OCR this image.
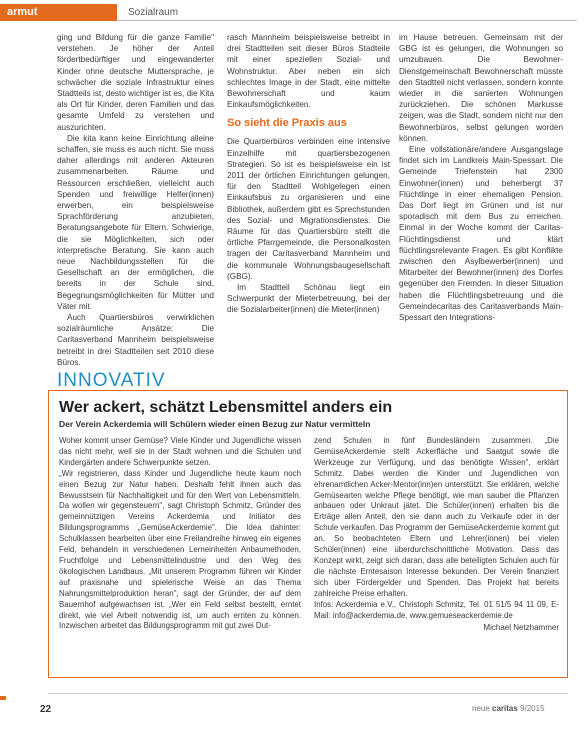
armut	Sozialraum

ging und Bildung für die ganze Familie" verstehen. Je höher der Anteil fördertbedürftiger und eingewanderter Kinder ohne deutsche Muttersprache, je schwächer die soziale Infrastruktur eines Stadtteils ist, desto wichtiger ist es, die Kita als Ort für Kinder, deren Familien und das gesamte Umfeld zu verstehen und auszurichten.

Die kita kann keine Einrichtung alleine schaffen, sie muss es auch nicht. Sie muss daher allerdings mit anderen Akteuren zusammenarbeiten. Räume und Ressourcen erschließen, vielleicht auch Spenden und freiwillige Helfer(innen) erwerben, ein beispielsweise Sprachförderung anzubieten, Beratungsangebote für Eltern. Schwierige, die sie Möglichkeiten, sich oder interpretische Beratung. Sie kann auch neue Nachbildungsstellen für die Gesellschaft an der ermöglichen, die bereits in der Schule sind, Begegnungsmöglichkeiten für Mütter und Väter mit.

Auch Quartiersbüros verwirklichen sozialräumliche Ansätze: Die Caritasverband Mannheim beispielsweise betreibt in drei Stadtteilen seit 2010 diese Büros.

rasch Mannheim beispielsweise betreibt in drei Stadtteilen seit dieser Büros Stadteile mit einer speziellen Sozial- und Wohnstruktur. Aber neben ein sich schlechtes Image in der Stadt, eine mittelte Bewohnerschaft und kaum Einkaufsmöglichkeiten.

So sieht die Praxis aus

Die Quartierbüros verbinden eine intensive Einzelhilfe mit quartiersbezogenen Strategien. So ist es beispielsweise ein ist 2011 der örtlichen Einrichtungen gelungen, für den Stadtteil Wohlgelegen einen Einkaufsbus zu organisieren und eine Bibliothek, außerdem gibt es Sprechstunden des Sozial- und Migrationsdienstes. Die Räume für das Quartiersbüro stellt die örtliche Pfarrgemeinde, die Personalkosten tragen der Caritasverband Mannheim und die kommunale Wohnungsbaugesellschaft (GBG).

Im Stadtteil Schönau liegt ein Schwerpunkt der Mieterbetreuung, bei der die Sozialarbeiter(innen) die Mieter(innen)

im Hause betreuen. Gemeinsam mit der GBG ist es gelungen, die Wohnungen so umzubauen. Die Bewohner-Dienstgemeinschaft Bewohnerschaft müsste den Stadtteil nicht verlassen, sondern konnte wieder in die sanierten Wohnungen zurückziehen. Die schönen Markusse zeigen, was die Stadt, sondern nicht nur den Bewohnerbüros, selbst gelungen worden können.

Eine vollstationäre/andere Ausgangslage findet sich im Landkreis Main-Spessart. Die Gemeinde Triefenstein hat 2300 Einwohner(innen) und beherbergt 37 Flüchtlinge in einer ehemaligen Pension. Das Dorf liegt im Grünen und ist nur sporadisch mit dem Bus zu erreichen. Einmal in der Woche kommt der Caritas-Flüchtlingsdienst und klärt flüchtlingsrelevante Fragen. Es gibt Konflikte zwischen den Asylbewerber(innen) und Mitarbeiter der Bewohner(innen) des Dorfes gegenüber den Fremden. In dieser Situation haben die Flüchtlingsbetreuung und die Gemeindecaritas des Caritasverbands Main-Spessart den Integrations-

INNOVATIV
Wer ackert, schätzt Lebensmittel anders ein
Der Verein Ackerdemia will Schülern wieder einen Bezug zur Natur vermitteln

Woher kommt unser Gemüse? Viele Kinder und Jugendliche wissen das nicht mehr, weil sie in der Stadt wohnen und die Schulen und Kindergärten andere Schwerpunkte setzen.

„Wir registrieren, dass Kinder und Jugendliche heute kaum noch einen Bezug zur Natur haben. Deshalb fehlt ihnen auch das Bewusstsein für Nachhaltigkeit und für den Wert von Lebensmitteln. Da wollen wir gegensteuern", sagt Christoph Schmitz, Gründer des gemeinnützigen Vereins Ackerdemia und Initiator des Bildungsprogramms „GemüseAckerdemie". Die Idea dahinter: Schulklassen bearbeiten über eine Freilandreihe hinweg ein eigenes Feld, behandeln in verschiedenen Lerneinheiten Anbaumethoden, Fruchtfolge und Lebensmittelindustrie und den Weg des ökologischen Landbaus. „Mit unserem Programm führen wir Kinder auf praxisnahe und spielerische Weise an das Thema Nahrungsmittelproduktion heran", sagt der Gründer, der auf dem Bauernhof aufgewachsen ist. „Wer ein Feld selbst bestellt, erntet direkt, wie viel Arbeit notwendig ist, um auch ernten zu können. Inzwischen arbeitet das Bildungsprogramm mit gut zwei Dut-

zend Schulen in fünf Bundesländern zusammen. „Die GemüseAckerdemie stellt Ackerfläche und Saatgut sowie die Werkzeuge zur Verfügung, und das benötigte Wissen", erklärt Schmitz. Dabei werden die Kinder und Jugendlichen von ehrenamtlichen Acker-Mentor(inn)en unterstützt. Sie erklären, welche Gemüsearten welche Pflege benötigt, wie man sauber die Pflanzen anbauen oder Unkraut jätet. Die Schüler(innen) erhalten bis die Erträge allen Anteil, den sie dann auch zu Verkaufe oder in der Schule verkaufen. Das Programm der GemüseAckerdemie kommt gut an. So beobachteten Eltern und Lehrer(innen) bei vielen Schüler(innen) eine überdurchschnittliche Motivation. Dass das Konzept wirkt, zeigt sich daran, dass alle beteiligten Schulen auch für die nächste Erntesaison Interesse bekunden. Der Verein finanziert sich über Fördergelder und Spenden. Das Projekt hat bereits zahlreiche Preise erhalten.

Infos: Ackerdemia e.V., Christoph Schmitz, Tel. 01 51/5 94 11 09, E-Mail: info@ackerdemia.de, www.gemueseackerdemie.de

Michael Netzhammer

22	neue caritas 9/2015
